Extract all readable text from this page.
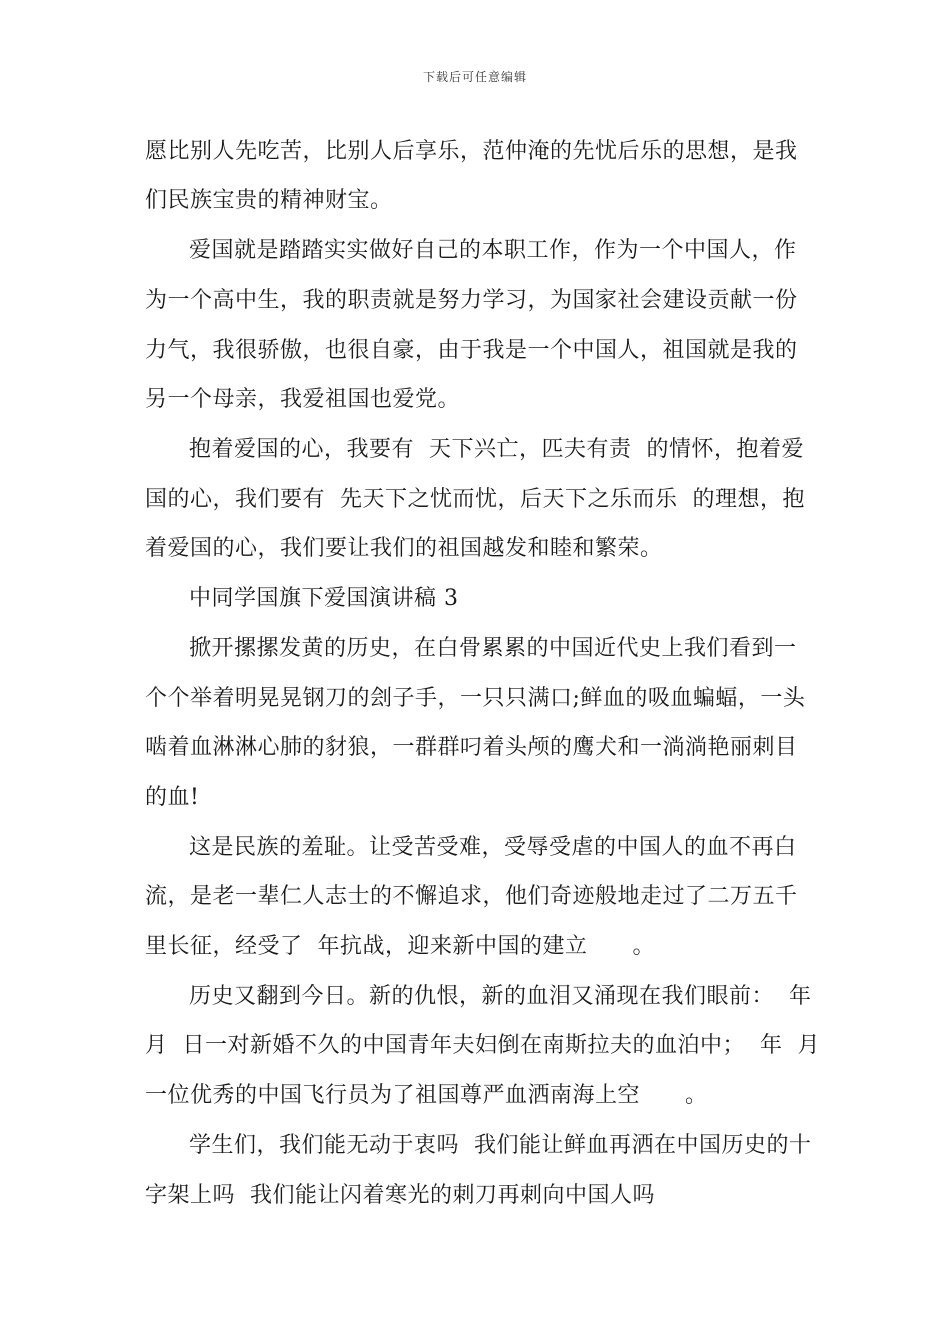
下载后可任意编辑
愿比别人先吃苦，比别人后享乐，范仲淹的先忧后乐的思想，是我
们民族宝贵的精神财宝。
爱国就是踏踏实实做好自己的本职工作，作为一个中国人，作
为一个高中生，我的职责就是努力学习，为国家社会建设贡献一份
力气，我很骄傲，也很自豪，由于我是一个中国人，祖国就是我的
另一个母亲，我爱祖国也爱党。
抱着爱国的心，我要有  天下兴亡，匹夫有责  的情怀，抱着爱
国的心，我们要有  先天下之忧而忧，后天下之乐而乐  的理想，抱
着爱国的心，我们要让我们的祖国越发和睦和繁荣。
中同学国旗下爱国演讲稿 3
掀开摞摞发黄的历史，在白骨累累的中国近代史上我们看到一
个个举着明晃晃钢刀的刽子手，一只只满口;鲜血的吸血蝙蝠，一头
啮着血淋淋心肺的豺狼，一群群叼着头颅的鹰犬和一淌淌艳丽刺目
的血!
这是民族的羞耻。让受苦受难，受辱受虐的中国人的血不再白
流，是老一辈仁人志士的不懈追求，他们奇迹般地走过了二万五千
里长征，经受了  年抗战，迎来新中国的建立      。
历史又翻到今日。新的仇恨，新的血泪又涌现在我们眼前：  年
月  日一对新婚不久的中国青年夫妇倒在南斯拉夫的血泊中；  年  月
一位优秀的中国飞行员为了祖国尊严血洒南海上空      。
学生们，我们能无动于衷吗  我们能让鲜血再洒在中国历史的十
字架上吗  我们能让闪着寒光的刺刀再刺向中国人吗
